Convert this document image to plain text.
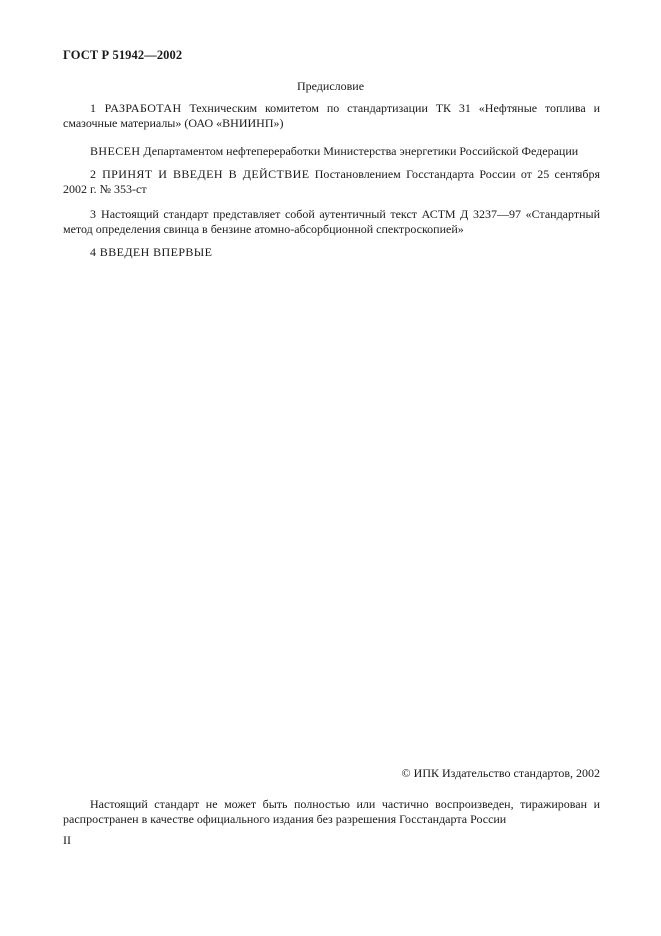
ГОСТ Р 51942—2002
Предисловие
1 РАЗРАБОТАН Техническим комитетом по стандартизации ТК 31 «Нефтяные топлива и смазочные материалы» (ОАО «ВНИИНП»)
ВНЕСЕН Департаментом нефтепереработки Министерства энергетики Российской Федерации
2 ПРИНЯТ И ВВЕДЕН В ДЕЙСТВИЕ Постановлением Госстандарта России от 25 сентября 2002 г. № 353-ст
3 Настоящий стандарт представляет собой аутентичный текст АСТМ Д 3237—97 «Стандартный метод определения свинца в бензине атомно-абсорбционной спектроскопией»
4 ВВЕДЕН ВПЕРВЫЕ
© ИПК Издательство стандартов, 2002
Настоящий стандарт не может быть полностью или частично воспроизведен, тиражирован и распространен в качестве официального издания без разрешения Госстандарта России
II
